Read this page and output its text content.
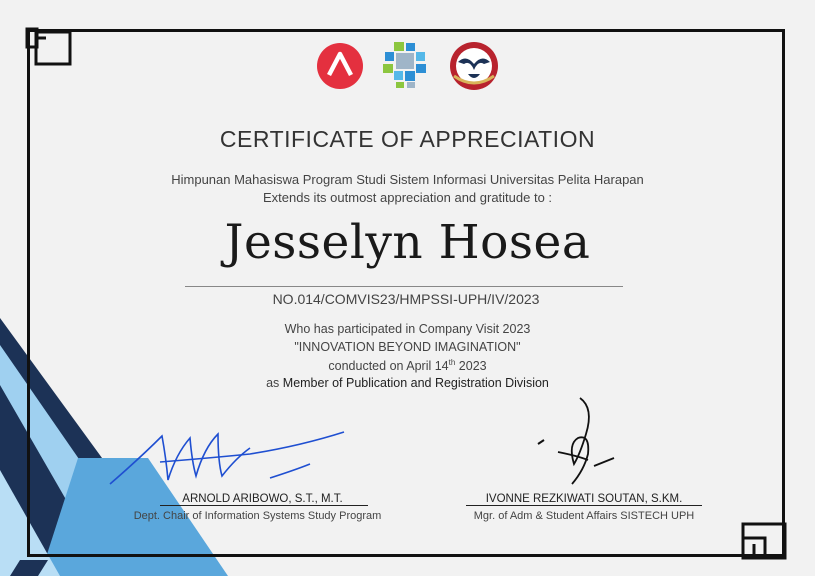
CERTIFICATE OF APPRECIATION
Himpunan Mahasiswa Program Studi Sistem Informasi Universitas Pelita Harapan
Extends its outmost appreciation and gratitude to :
Jesselyn Hosea
NO.014/COMVIS23/HMPSSI-UPH/IV/2023
Who has participated in Company Visit 2023
"INNOVATION BEYOND IMAGINATION"
conducted on April 14th 2023
as Member of Publication and Registration Division
ARNOLD ARIBOWO, S.T., M.T.
Dept. Chair of Information Systems Study Program
IVONNE REZKIWATI SOUTAN, S.KM.
Mgr. of Adm & Student Affairs SISTECH UPH
